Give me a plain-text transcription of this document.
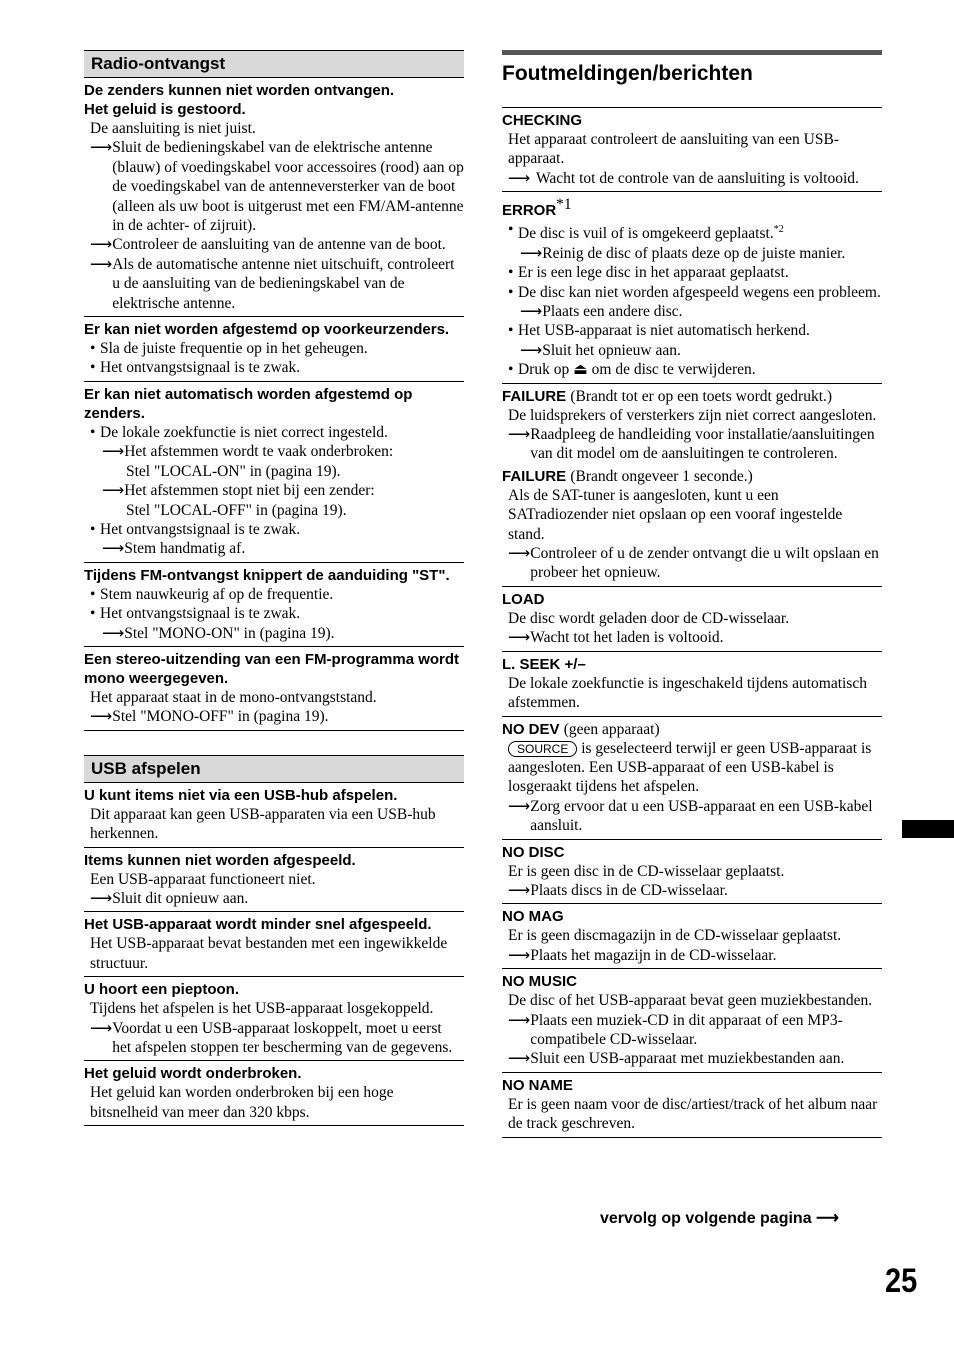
Radio-ontvangst
De zenders kunnen niet worden ontvangen.
Het geluid is gestoord.
De aansluiting is niet juist.
⟶ Sluit de bedieningskabel van de elektrische antenne (blauw) of voedingskabel voor accessoires (rood) aan op de voedingskabel van de antenneversterker van de boot (alleen als uw boot is uitgerust met een FM/AM-antenne in de achter- of zijruit).
⟶ Controleer de aansluiting van de antenne van de boot.
⟶ Als de automatische antenne niet uitschuift, controleert u de aansluiting van de bedieningskabel van de elektrische antenne.
Er kan niet worden afgestemd op voorkeurzenders.
• Sla de juiste frequentie op in het geheugen.
• Het ontvangstsignaal is te zwak.
Er kan niet automatisch worden afgestemd op zenders.
• De lokale zoekfunctie is niet correct ingesteld.
⟶ Het afstemmen wordt te vaak onderbroken:
Stel "LOCAL-ON" in (pagina 19).
⟶ Het afstemmen stopt niet bij een zender:
Stel "LOCAL-OFF" in (pagina 19).
• Het ontvangstsignaal is te zwak.
⟶ Stem handmatig af.
Tijdens FM-ontvangst knippert de aanduiding "ST".
• Stem nauwkeurig af op de frequentie.
• Het ontvangstsignaal is te zwak.
⟶ Stel "MONO-ON" in (pagina 19).
Een stereo-uitzending van een FM-programma wordt mono weergegeven.
Het apparaat staat in de mono-ontvangststand.
⟶ Stel "MONO-OFF" in (pagina 19).
USB afspelen
U kunt items niet via een USB-hub afspelen.
Dit apparaat kan geen USB-apparaten via een USB-hub herkennen.
Items kunnen niet worden afgespeeld.
Een USB-apparaat functioneert niet.
⟶ Sluit dit opnieuw aan.
Het USB-apparaat wordt minder snel afgespeeld.
Het USB-apparaat bevat bestanden met een ingewikkelde structuur.
U hoort een pieptoon.
Tijdens het afspelen is het USB-apparaat losgekoppeld.
⟶ Voordat u een USB-apparaat loskoppelt, moet u eerst het afspelen stoppen ter bescherming van de gegevens.
Het geluid wordt onderbroken.
Het geluid kan worden onderbroken bij een hoge bitsnelheid van meer dan 320 kbps.
Foutmeldingen/berichten
CHECKING
Het apparaat controleert de aansluiting van een USB-apparaat.
⟶ Wacht tot de controle van de aansluiting is voltooid.
ERROR$^{*1}$
• De disc is vuil of is omgekeerd geplaatst.$^{*2}$
⟶ Reinig de disc of plaats deze op de juiste manier.
• Er is een lege disc in het apparaat geplaatst.
• De disc kan niet worden afgespeeld wegens een probleem.
⟶ Plaats een andere disc.
• Het USB-apparaat is niet automatisch herkend.
⟶ Sluit het opnieuw aan.
• Druk op ⏏ om de disc te verwijderen.
FAILURE (Brandt tot er op een toets wordt gedrukt.)
De luidsprekers of versterkers zijn niet correct aangesloten.
⟶ Raadpleeg de handleiding voor installatie/aansluitingen van dit model om de aansluitingen te controleren.
FAILURE (Brandt ongeveer 1 seconde.)
Als de SAT-tuner is aangesloten, kunt u een SATradiozender niet opslaan op een vooraf ingestelde stand.
⟶ Controleer of u de zender ontvangt die u wilt opslaan en probeer het opnieuw.
LOAD
De disc wordt geladen door de CD-wisselaar.
⟶ Wacht tot het laden is voltooid.
L. SEEK +/–
De lokale zoekfunctie is ingeschakeld tijdens automatisch afstemmen.
NO DEV (geen apparaat)
SOURCE is geselecteerd terwijl er geen USB-apparaat is aangesloten. Een USB-apparaat of een USB-kabel is losgeraakt tijdens het afspelen.
⟶ Zorg ervoor dat u een USB-apparaat en een USB-kabel aansluit.
NO DISC
Er is geen disc in de CD-wisselaar geplaatst.
⟶ Plaats discs in de CD-wisselaar.
NO MAG
Er is geen discmagazijn in de CD-wisselaar geplaatst.
⟶ Plaats het magazijn in de CD-wisselaar.
NO MUSIC
De disc of het USB-apparaat bevat geen muziekbestanden.
⟶ Plaats een muziek-CD in dit apparaat of een MP3-compatibele CD-wisselaar.
⟶ Sluit een USB-apparaat met muziekbestanden aan.
NO NAME
Er is geen naam voor de disc/artiest/track of het album naar de track geschreven.
vervolg op volgende pagina ⟶
25
